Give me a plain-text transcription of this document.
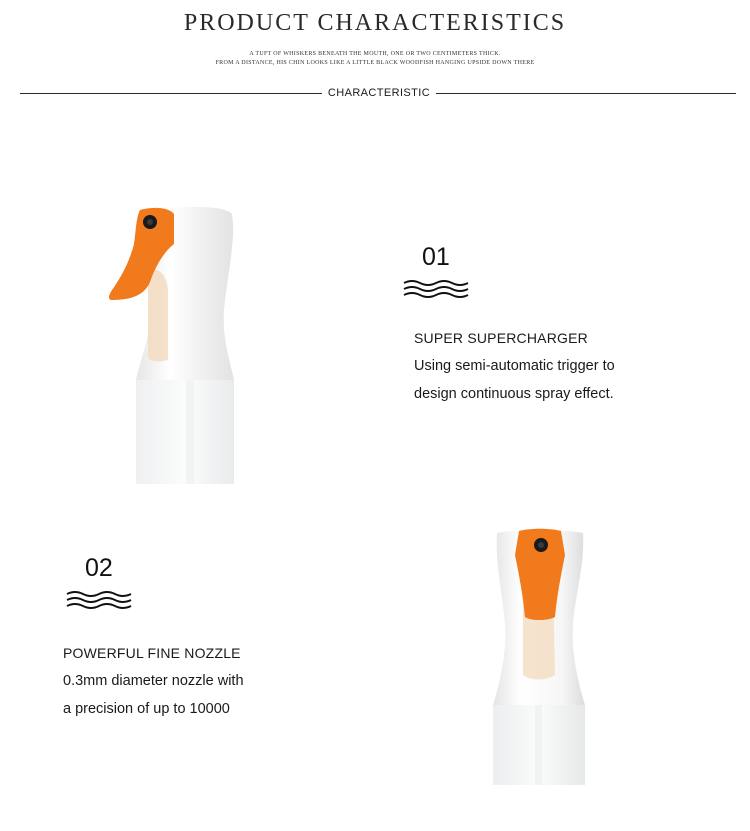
PRODUCT CHARACTERISTICS
A TUFT OF WHISKERS BENEATH THE MOUTH, ONE OR TWO CENTIMETERS THICK.
FROM A DISTANCE, HIS CHIN LOOKS LIKE A LITTLE BLACK WOODFISH HANGING UPSIDE DOWN THERE
CHARACTERISTIC
01
SUPER SUPERCHARGER
Using semi-automatic trigger to
design continuous spray effect.
02
POWERFUL FINE NOZZLE
0.3mm diameter nozzle with
a precision of up to 10000
